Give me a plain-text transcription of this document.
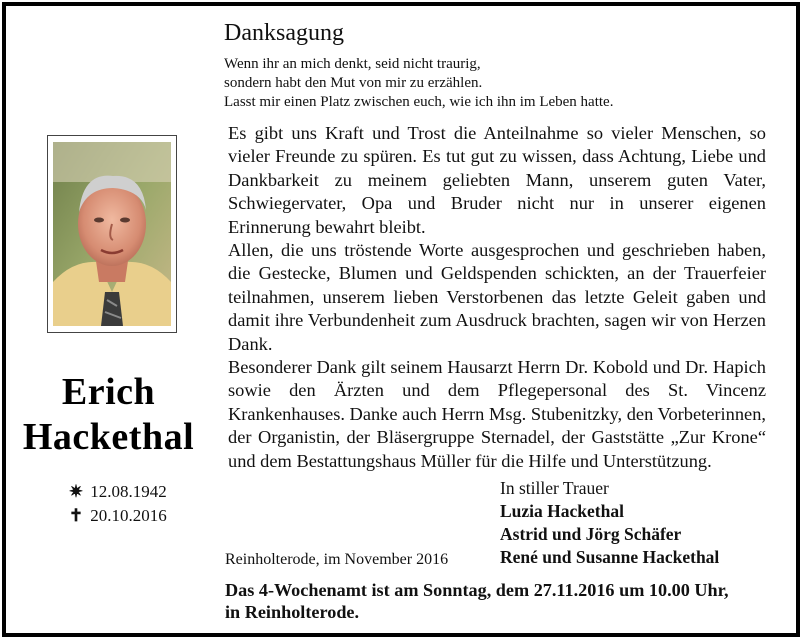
Erich
Hackethal
✷ 12.08.1942
✝ 20.10.2016
Danksagung
Wenn ihr an mich denkt, seid nicht traurig,
sondern habt den Mut von mir zu erzählen.
Lasst mir einen Platz zwischen euch, wie ich ihn im Leben hatte.

Es gibt uns Kraft und Trost die Anteilnahme so vieler Menschen, so vieler Freunde zu spüren. Es tut gut zu wissen, dass Achtung, Liebe und Dankbarkeit zu meinem geliebten Mann, unserem guten Vater, Schwiegervater, Opa und Bruder nicht nur in unserer eigenen Erinnerung bewahrt bleibt.

Allen, die uns tröstende Worte ausgesprochen und geschrieben haben, die Gestecke, Blumen und Geldspenden schickten, an der Trauerfeier teilnahmen, unserem lieben Verstorbenen das letzte Geleit gaben und damit ihre Verbundenheit zum Ausdruck brachten, sagen wir von Herzen Dank.

Besonderer Dank gilt seinem Hausarzt Herrn Dr. Kobold und Dr. Hapich sowie den Ärzten und dem Pflegepersonal des St. Vincenz Krankenhauses. Danke auch Herrn Msg. Stubenitzky, den Vorbeterinnen, der Organistin, der Bläsergruppe Sternadel, der Gaststätte „Zur Krone“ und dem Bestattungshaus Müller für die Hilfe und Unterstützung.

In stiller Trauer
Luzia Hackethal
Astrid und Jörg Schäfer
René und Susanne Hackethal
Reinholterode, im November 2016
Das 4-Wochenamt ist am Sonntag, dem 27.11.2016 um 10.00 Uhr,
in Reinholterode.
